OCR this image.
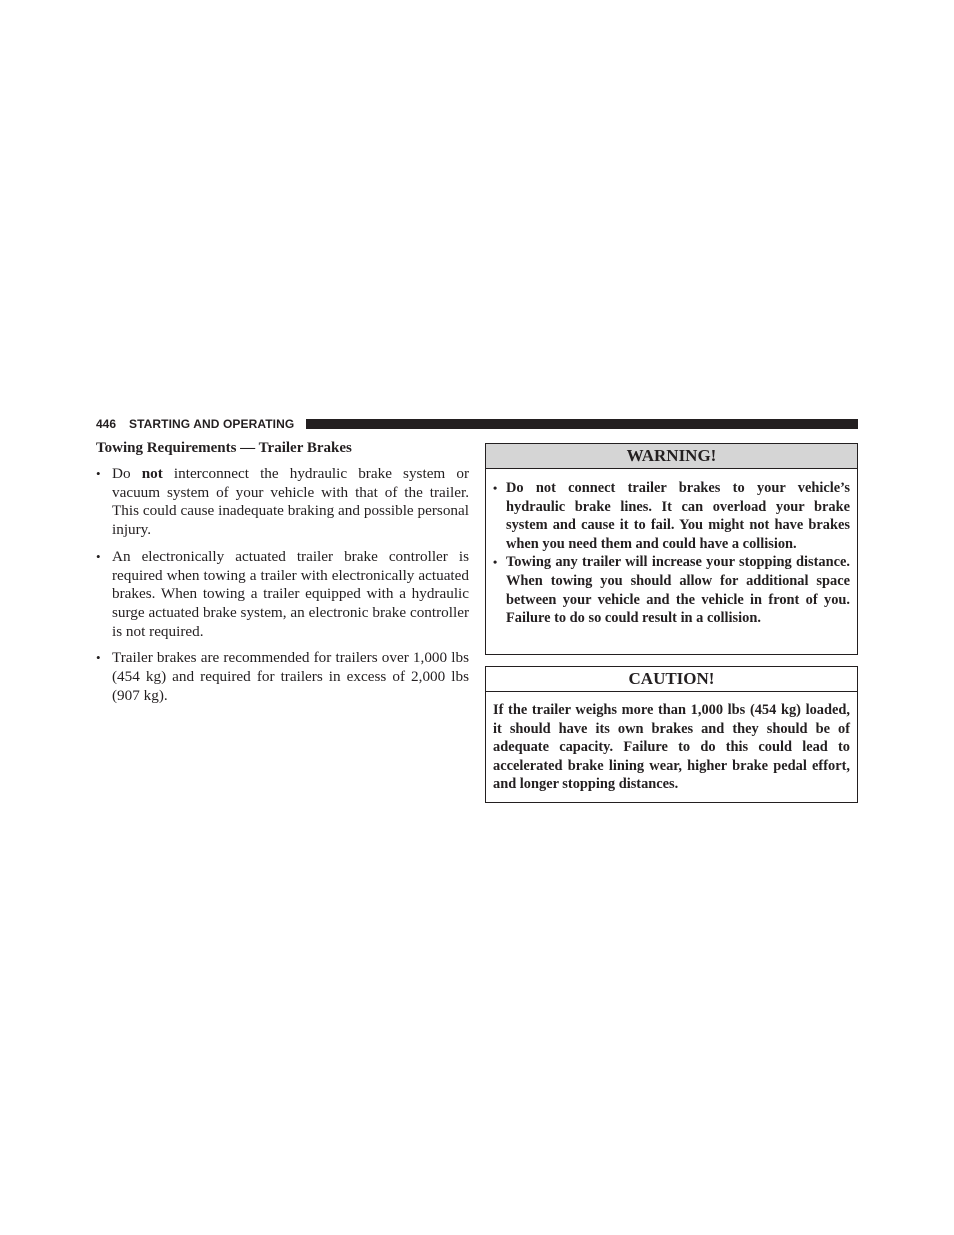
446 STARTING AND OPERATING
Towing Requirements — Trailer Brakes
• Do not interconnect the hydraulic brake system or vacuum system of your vehicle with that of the trailer. This could cause inadequate braking and possible personal injury.
• An electronically actuated trailer brake controller is required when towing a trailer with electronically actuated brakes. When towing a trailer equipped with a hydraulic surge actuated brake system, an electronic brake controller is not required.
• Trailer brakes are recommended for trailers over 1,000 lbs (454 kg) and required for trailers in excess of 2,000 lbs (907 kg).
WARNING!
• Do not connect trailer brakes to your vehicle’s hydraulic brake lines. It can overload your brake system and cause it to fail. You might not have brakes when you need them and could have a collision.
• Towing any trailer will increase your stopping distance. When towing you should allow for additional space between your vehicle and the vehicle in front of you. Failure to do so could result in a collision.
CAUTION!
If the trailer weighs more than 1,000 lbs (454 kg) loaded, it should have its own brakes and they should be of adequate capacity. Failure to do this could lead to accelerated brake lining wear, higher brake pedal effort, and longer stopping distances.
